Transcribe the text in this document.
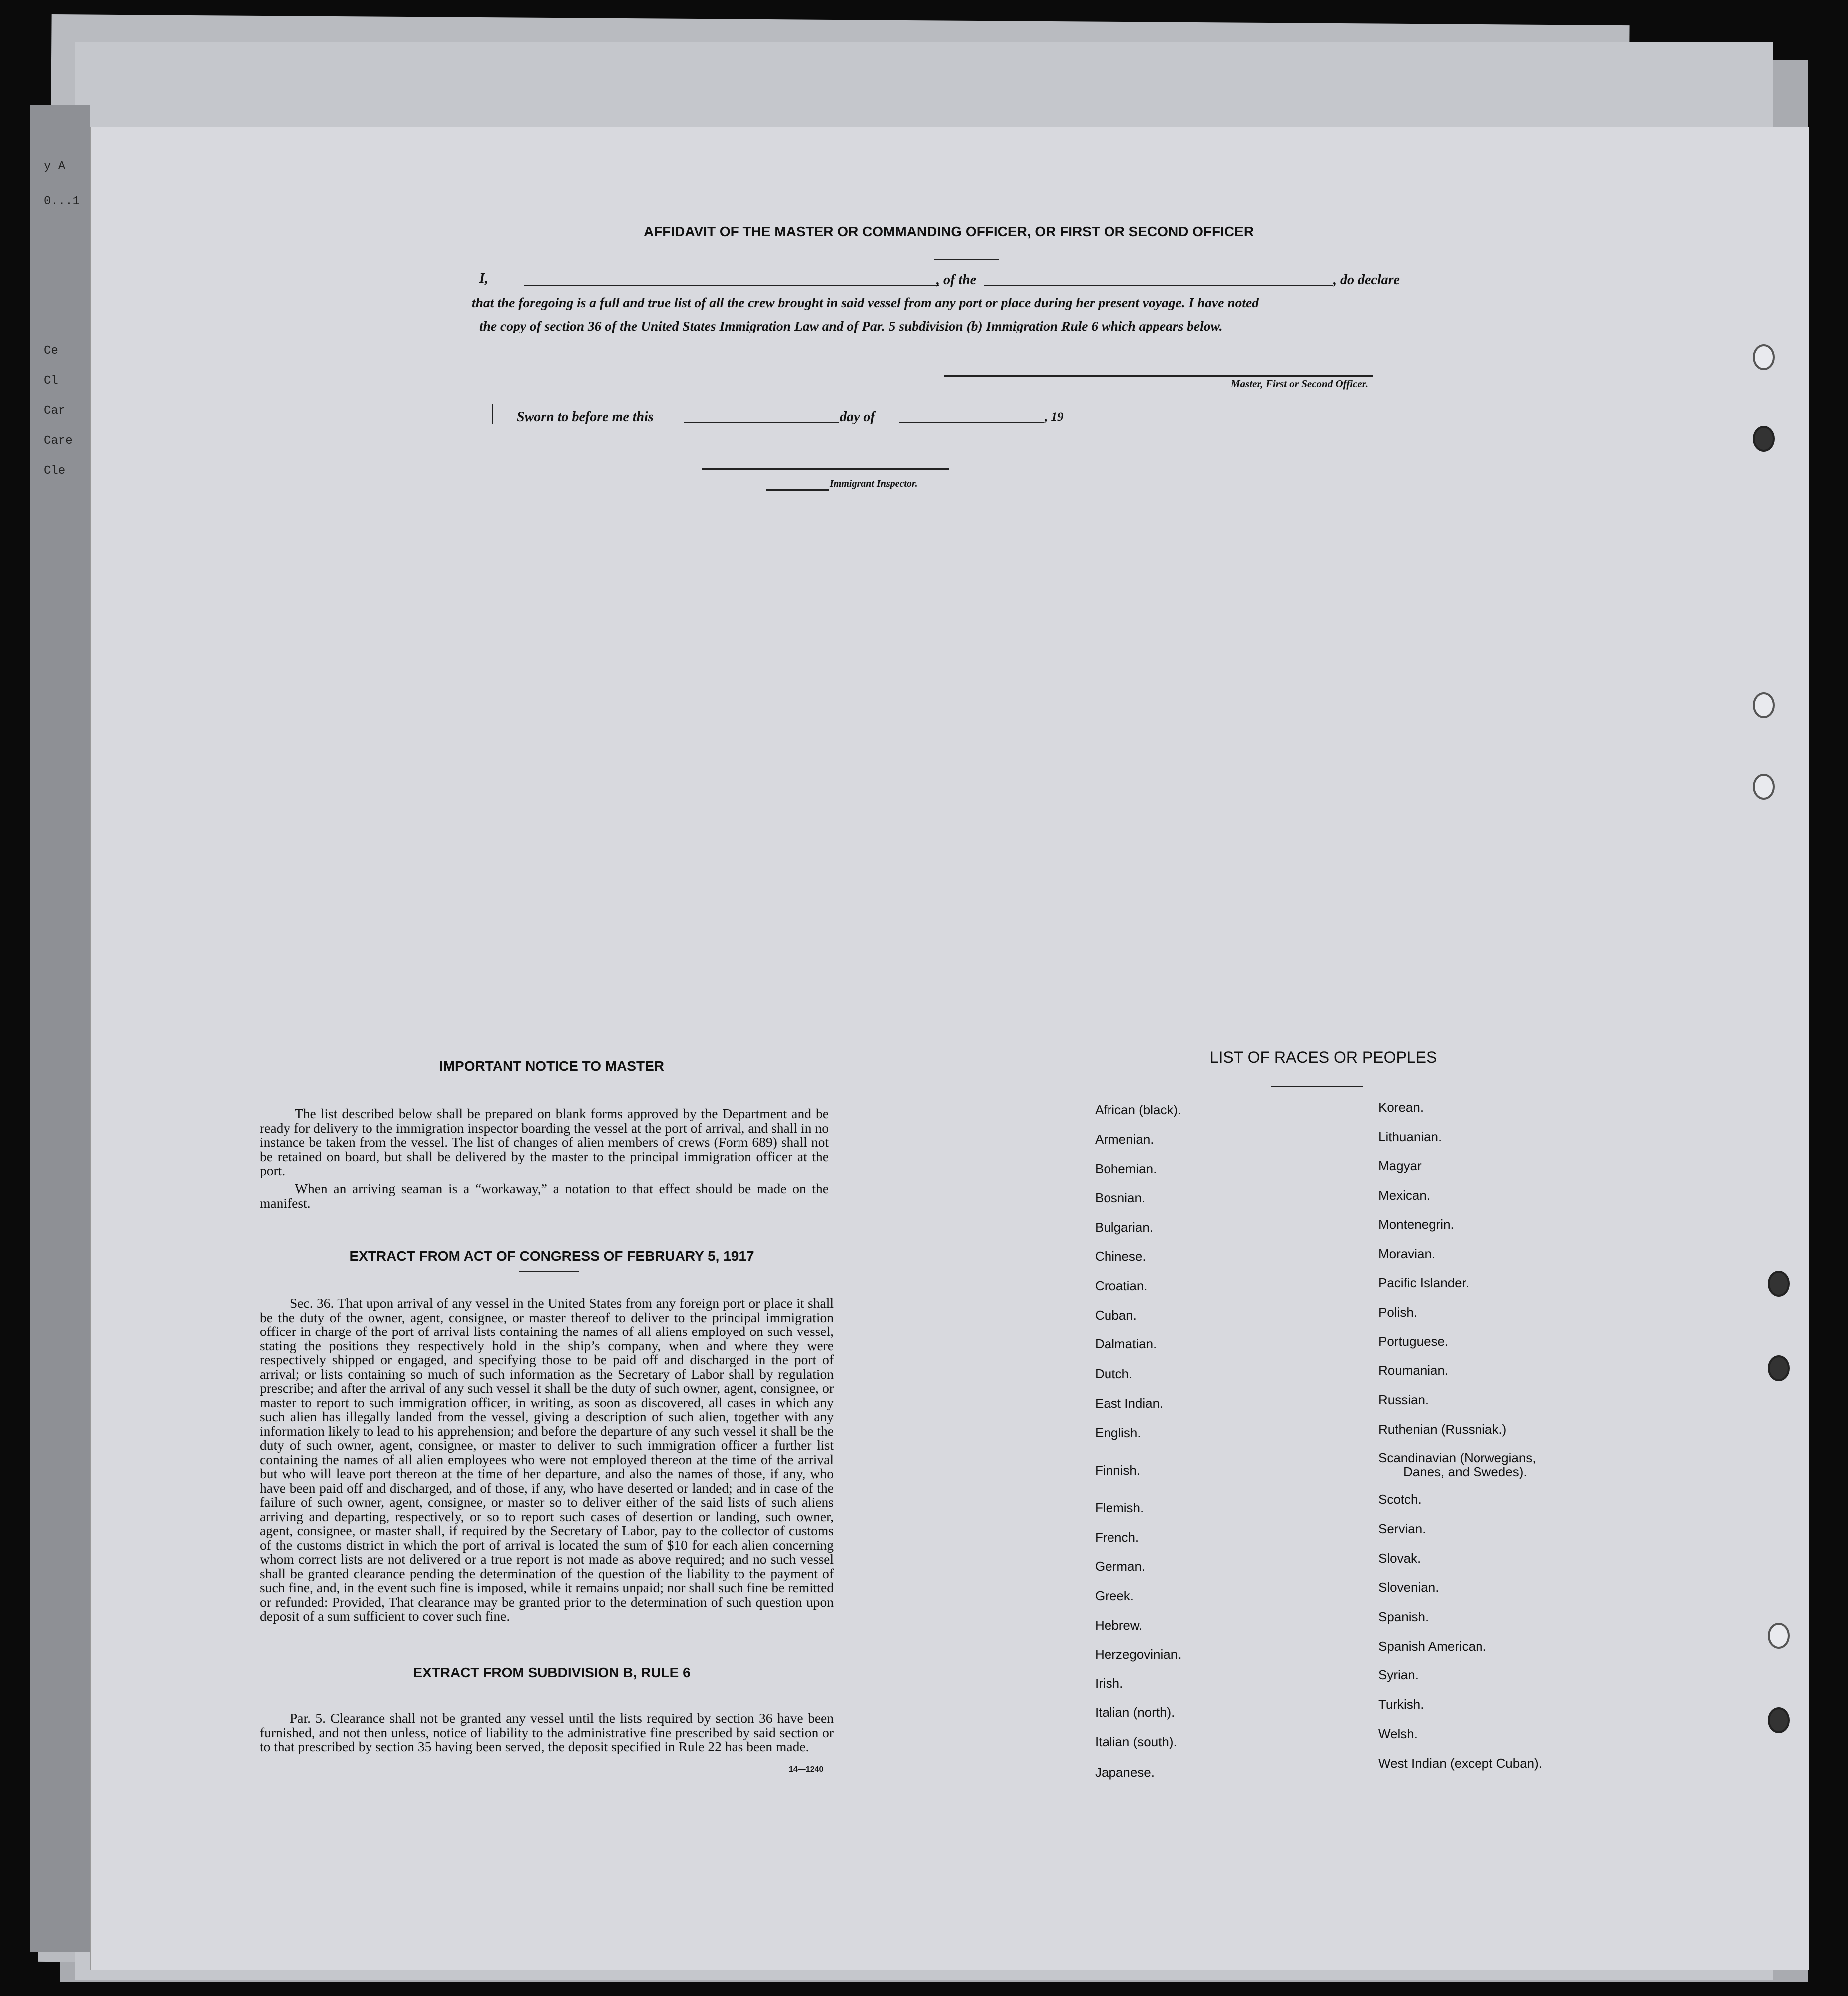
y A
0...1
Ce
Cl
Car
Care
Cle
AFFIDAVIT OF THE MASTER OR COMMANDING OFFICER, OR FIRST OR SECOND OFFICER
I,	, of the	, do declare
that the foregoing is a full and true list of all the crew brought in said vessel from any port or place during her present voyage. I have noted
the copy of section 36 of the United States Immigration Law and of Par. 5 subdivision (b) Immigration Rule 6 which appears below.
Master, First or Second Officer.
Sworn to before me this	day of	, 19
Immigrant Inspector.
IMPORTANT NOTICE TO MASTER
The list described below shall be prepared on blank forms approved by the Department and be ready for delivery to the immigration inspector boarding the vessel at the port of arrival, and shall in no instance be taken from the vessel. The list of changes of alien members of crews (Form 689) shall not be retained on board, but shall be delivered by the master to the principal immigration officer at the port.
When an arriving seaman is a “workaway,” a notation to that effect should be made on the manifest.
EXTRACT FROM ACT OF CONGRESS OF FEBRUARY 5, 1917
Sec. 36. That upon arrival of any vessel in the United States from any foreign port or place it shall be the duty of the owner, agent, consignee, or master thereof to deliver to the principal immigration officer in charge of the port of arrival lists containing the names of all aliens employed on such vessel, stating the positions they respectively hold in the ship’s company, when and where they were respectively shipped or engaged, and specifying those to be paid off and discharged in the port of arrival; or lists containing so much of such information as the Secretary of Labor shall by regulation prescribe; and after the arrival of any such vessel it shall be the duty of such owner, agent, consignee, or master to report to such immigration officer, in writing, as soon as discovered, all cases in which any such alien has illegally landed from the vessel, giving a description of such alien, together with any information likely to lead to his apprehension; and before the departure of any such vessel it shall be the duty of such owner, agent, consignee, or master to deliver to such immigration officer a further list containing the names of all alien employees who were not employed thereon at the time of the arrival but who will leave port thereon at the time of her departure, and also the names of those, if any, who have been paid off and discharged, and of those, if any, who have deserted or landed; and in case of the failure of such owner, agent, consignee, or master so to deliver either of the said lists of such aliens arriving and departing, respectively, or so to report such cases of desertion or landing, such owner, agent, consignee, or master shall, if required by the Secretary of Labor, pay to the collector of customs of the customs district in which the port of arrival is located the sum of $10 for each alien concerning whom correct lists are not delivered or a true report is not made as above required; and no such vessel shall be granted clearance pending the determination of the question of the liability to the payment of such fine, and, in the event such fine is imposed, while it remains unpaid; nor shall such fine be remitted or refunded: Provided, That clearance may be granted prior to the determination of such question upon deposit of a sum sufficient to cover such fine.
EXTRACT FROM SUBDIVISION B, RULE 6
Par. 5. Clearance shall not be granted any vessel until the lists required by section 36 have been furnished, and not then unless, notice of liability to the administrative fine prescribed by said section or to that prescribed by section 35 having been served, the deposit specified in Rule 22 has been made.
14—1240
LIST OF RACES OR PEOPLES
African (black).
Armenian.
Bohemian.
Bosnian.
Bulgarian.
Chinese.
Croatian.
Cuban.
Dalmatian.
Dutch.
East Indian.
English.
Finnish.
Flemish.
French.
German.
Greek.
Hebrew.
Herzegovinian.
Irish.
Italian (north).
Italian (south).
Japanese.
Korean.
Lithuanian.
Magyar
Mexican.
Montenegrin.
Moravian.
Pacific Islander.
Polish.
Portuguese.
Roumanian.
Russian.
Ruthenian (Russniak.)
Scandinavian (Norwegians,
Danes, and Swedes).
Scotch.
Servian.
Slovak.
Slovenian.
Spanish.
Spanish American.
Syrian.
Turkish.
Welsh.
West Indian (except Cuban).
